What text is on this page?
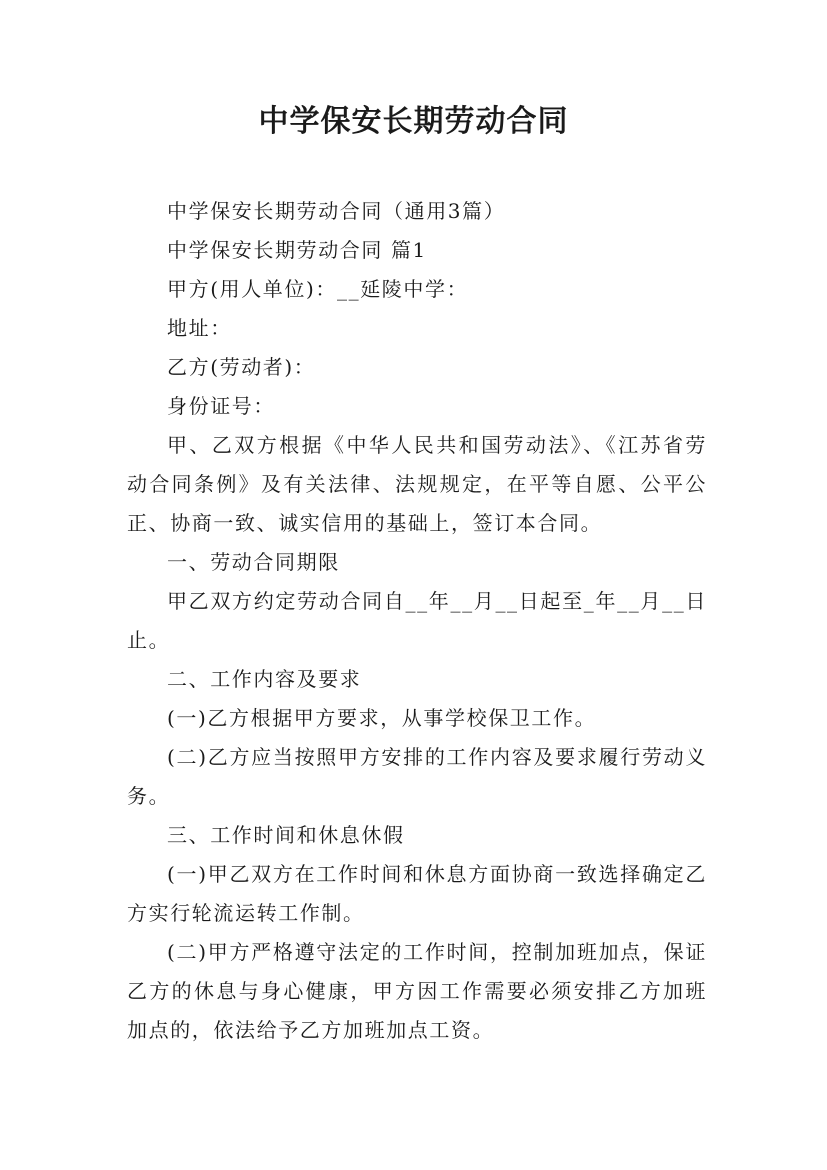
中学保安长期劳动合同

中学保安长期劳动合同（通用3篇）

中学保安长期劳动合同 篇1

甲方(用人单位)：__延陵中学：

地址：

乙方(劳动者)：

身份证号：

甲、乙双方根据《中华人民共和国劳动法》、《江苏省劳动合同条例》及有关法律、法规规定，在平等自愿、公平公正、协商一致、诚实信用的基础上，签订本合同。

一、劳动合同期限

甲乙双方约定劳动合同自__年__月__日起至_年__月__日止。

二、工作内容及要求

(一)乙方根据甲方要求，从事学校保卫工作。

(二)乙方应当按照甲方安排的工作内容及要求履行劳动义务。

三、工作时间和休息休假

(一)甲乙双方在工作时间和休息方面协商一致选择确定乙方实行轮流运转工作制。

(二)甲方严格遵守法定的工作时间，控制加班加点，保证乙方的休息与身心健康，甲方因工作需要必须安排乙方加班加点的，依法给予乙方加班加点工资。
